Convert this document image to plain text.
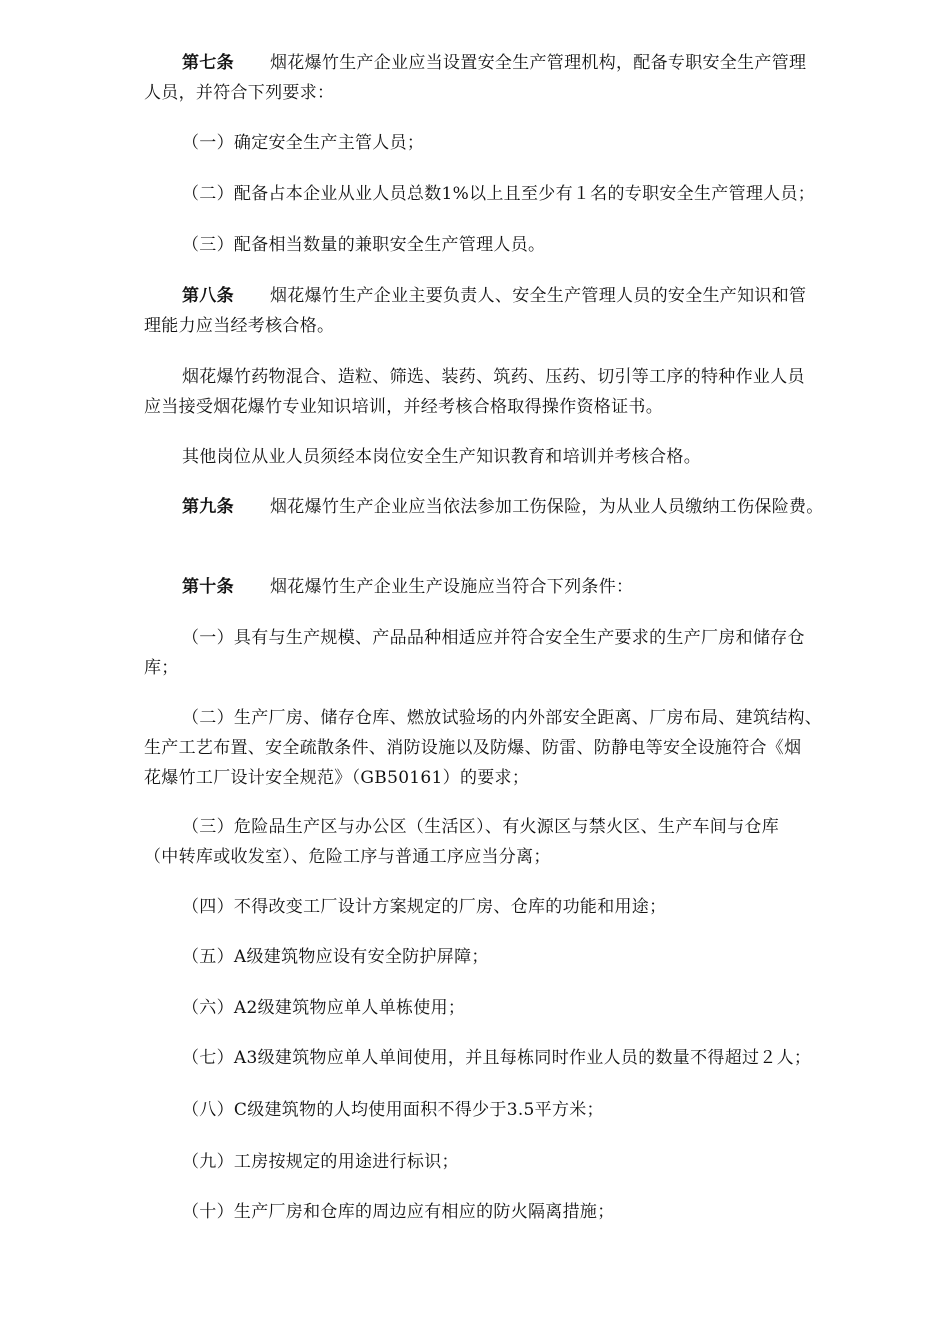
第七条 烟花爆竹生产企业应当设置安全生产管理机构，配备专职安全生产管理
人员，并符合下列要求：
（一）确定安全生产主管人员；
（二）配备占本企业从业人员总数1%以上且至少有１名的专职安全生产管理人员；
（三）配备相当数量的兼职安全生产管理人员。
第八条 烟花爆竹生产企业主要负责人、安全生产管理人员的安全生产知识和管
理能力应当经考核合格。
烟花爆竹药物混合、造粒、筛选、装药、筑药、压药、切引等工序的特种作业人员
应当接受烟花爆竹专业知识培训，并经考核合格取得操作资格证书。
其他岗位从业人员须经本岗位安全生产知识教育和培训并考核合格。
第九条 烟花爆竹生产企业应当依法参加工伤保险，为从业人员缴纳工伤保险费。
第十条 烟花爆竹生产企业生产设施应当符合下列条件：
（一）具有与生产规模、产品品种相适应并符合安全生产要求的生产厂房和储存仓
库；
（二）生产厂房、储存仓库、燃放试验场的内外部安全距离、厂房布局、建筑结构、
生产工艺布置、安全疏散条件、消防设施以及防爆、防雷、防静电等安全设施符合《烟
花爆竹工厂设计安全规范》（GB50161）的要求；
（三）危险品生产区与办公区（生活区）、有火源区与禁火区、生产车间与仓库
（中转库或收发室）、危险工序与普通工序应当分离；
（四）不得改变工厂设计方案规定的厂房、仓库的功能和用途；
（五）A级建筑物应设有安全防护屏障；
（六）A2级建筑物应单人单栋使用；
（七）A3级建筑物应单人单间使用，并且每栋同时作业人员的数量不得超过２人；
（八）C级建筑物的人均使用面积不得少于3.5平方米；
（九）工房按规定的用途进行标识；
（十）生产厂房和仓库的周边应有相应的防火隔离措施；
